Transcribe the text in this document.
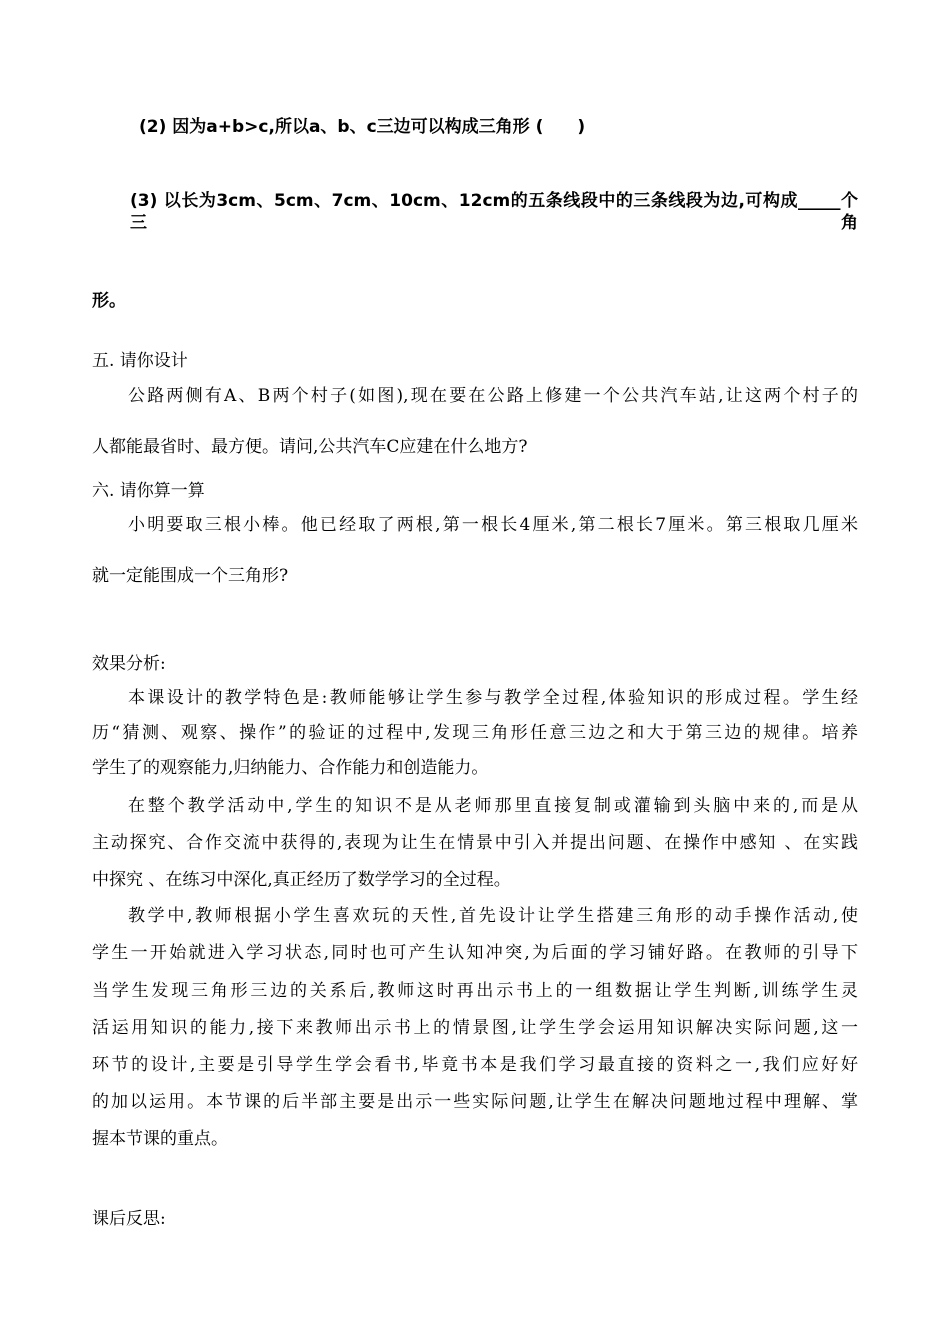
(2) 因为a+b>c,所以a、b、c三边可以构成三角形 (　　)
(3) 以长为3cm、5cm、7cm、10cm、12cm的五条线段中的三条线段为边,可构成_____个三角
形。
五. 请你设计
公路两侧有A、B两个村子(如图),现在要在公路上修建一个公共汽车站,让这两个村子的
人都能最省时、最方便。请问,公共汽车C应建在什么地方?
六. 请你算一算
小明要取三根小棒。他已经取了两根,第一根长4厘米,第二根长7厘米。第三根取几厘米
就一定能围成一个三角形?
效果分析:
本课设计的教学特色是:教师能够让学生参与教学全过程,体验知识的形成过程。学生经
历“猜测、观察、操作”的验证的过程中,发现三角形任意三边之和大于第三边的规律。培养
学生了的观察能力,归纳能力、合作能力和创造能力。
在整个教学活动中,学生的知识不是从老师那里直接复制或灌输到头脑中来的,而是从
主动探究、合作交流中获得的,表现为让生在情景中引入并提出问题、在操作中感知 、在实践
中探究 、在练习中深化,真正经历了数学学习的全过程。
教学中,教师根据小学生喜欢玩的天性,首先设计让学生搭建三角形的动手操作活动,使
学生一开始就进入学习状态,同时也可产生认知冲突,为后面的学习铺好路。在教师的引导下
当学生发现三角形三边的关系后,教师这时再出示书上的一组数据让学生判断,训练学生灵
活运用知识的能力,接下来教师出示书上的情景图,让学生学会运用知识解决实际问题,这一
环节的设计,主要是引导学生学会看书,毕竟书本是我们学习最直接的资料之一,我们应好好
的加以运用。本节课的后半部主要是出示一些实际问题,让学生在解决问题地过程中理解、掌
握本节课的重点。
课后反思:
